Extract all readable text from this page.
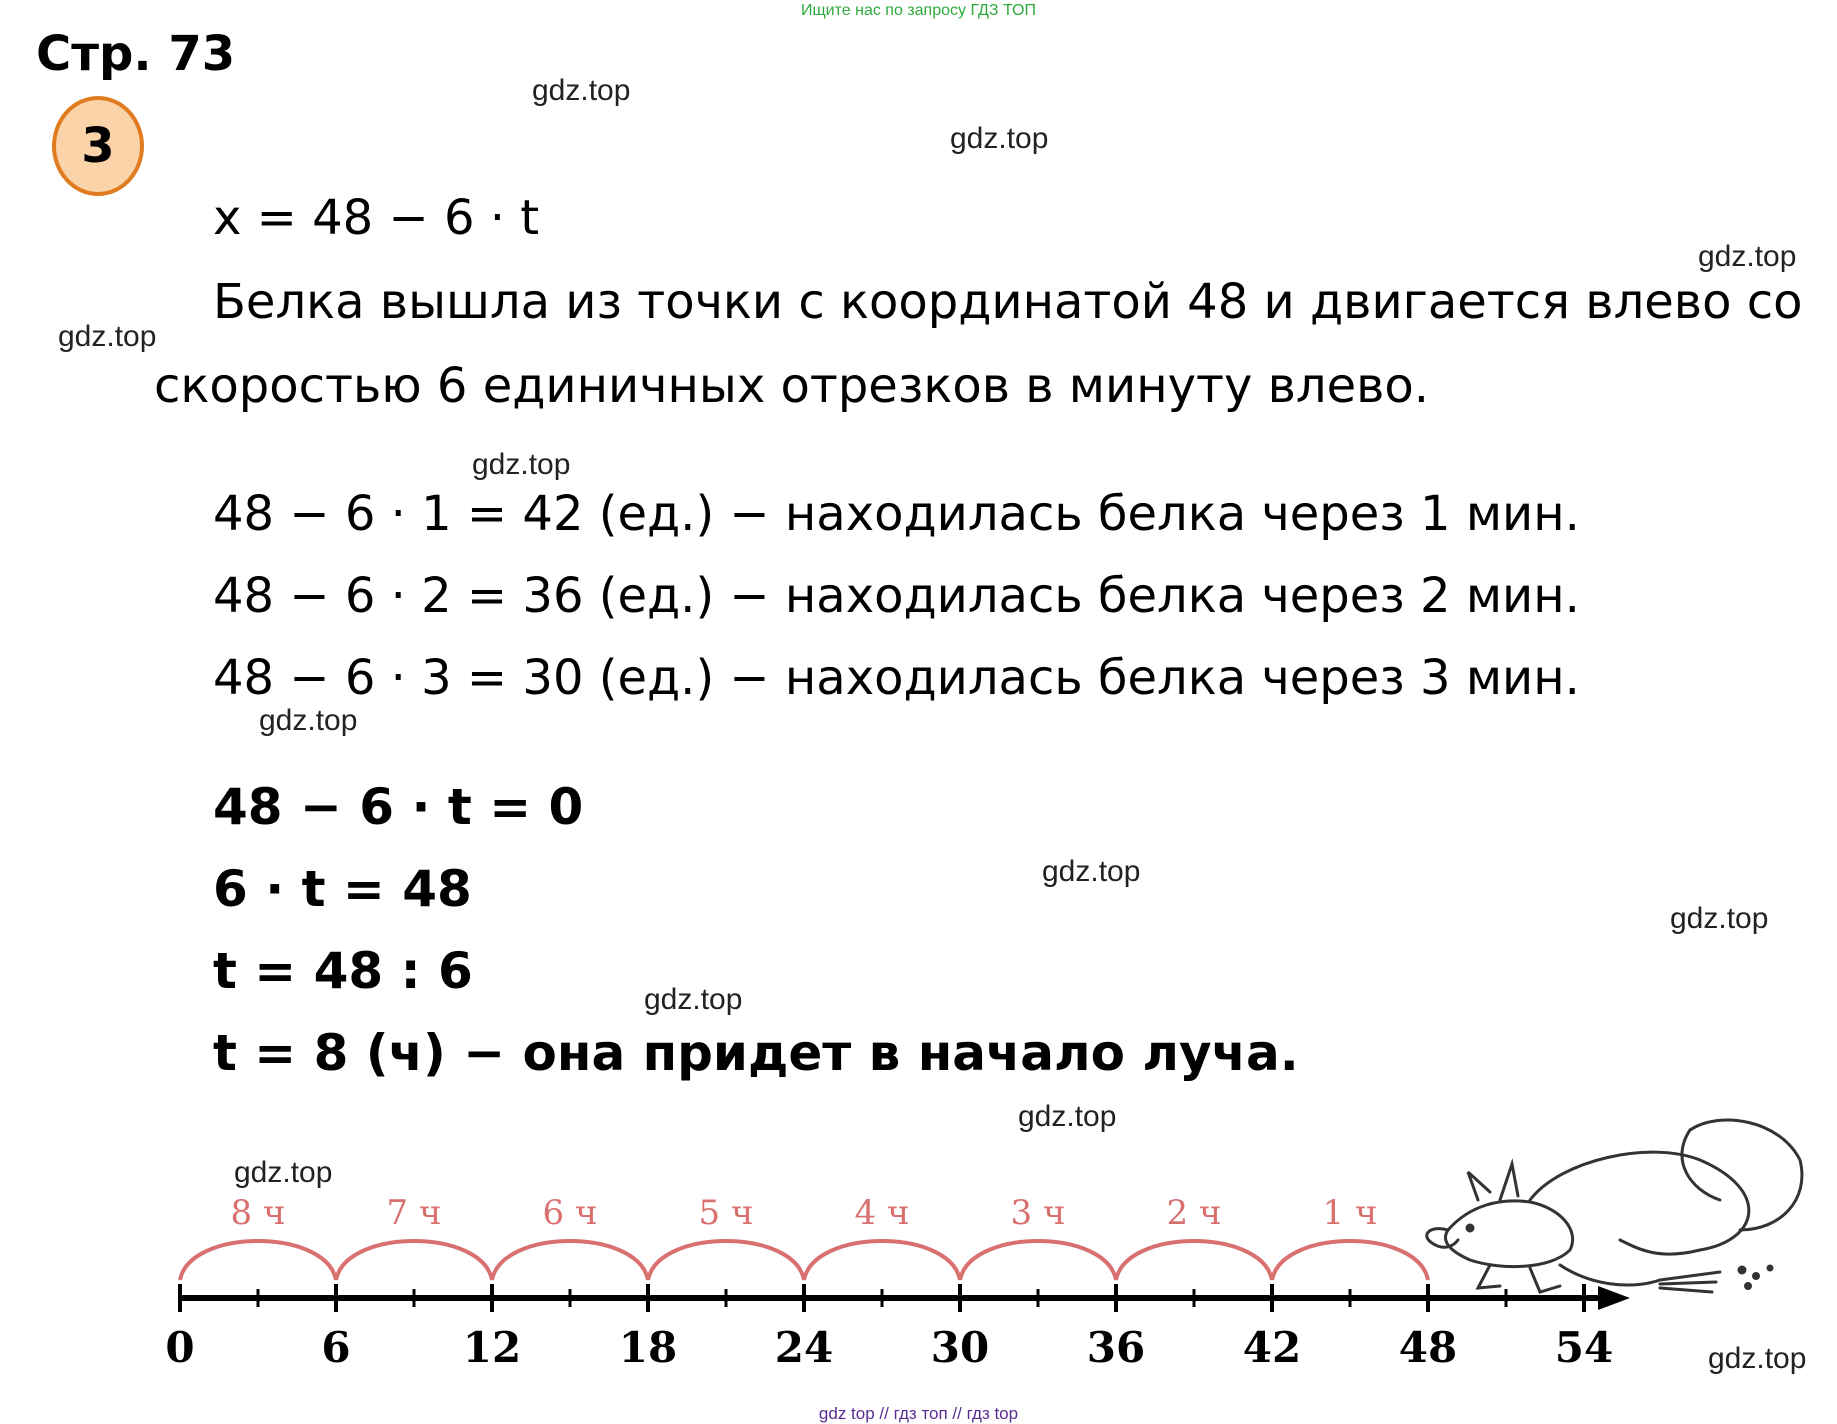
Ищите нас по запросу ГДЗ ТОП
Стр. 73
3
gdz.top
gdz.top
gdz.top
gdz.top
gdz.top
gdz.top
gdz.top
gdz.top
gdz.top
gdz.top
gdz.top
gdz.top
x = 48 − 6 · t
Белка вышла из точки с координатой 48 и двигается влево со
скоростью 6 единичных отрезков в минуту влево.
48 − 6 · 1 = 42 (ед.) − находилась белка через 1 мин.
48 − 6 · 2 = 36 (ед.) − находилась белка через 2 мин.
48 − 6 · 3 = 30 (ед.) − находилась белка через 3 мин.
48 − 6 · t = 0
6 · t = 48
t = 48 : 6
t = 8 (ч) − она придет в начало луча.
8 ч	7 ч	6 ч	5 ч	4 ч	3 ч	2 ч	1 ч
0	6	12 18 24 30 36 42 48 54
gdz top // гдз топ // гдз top
